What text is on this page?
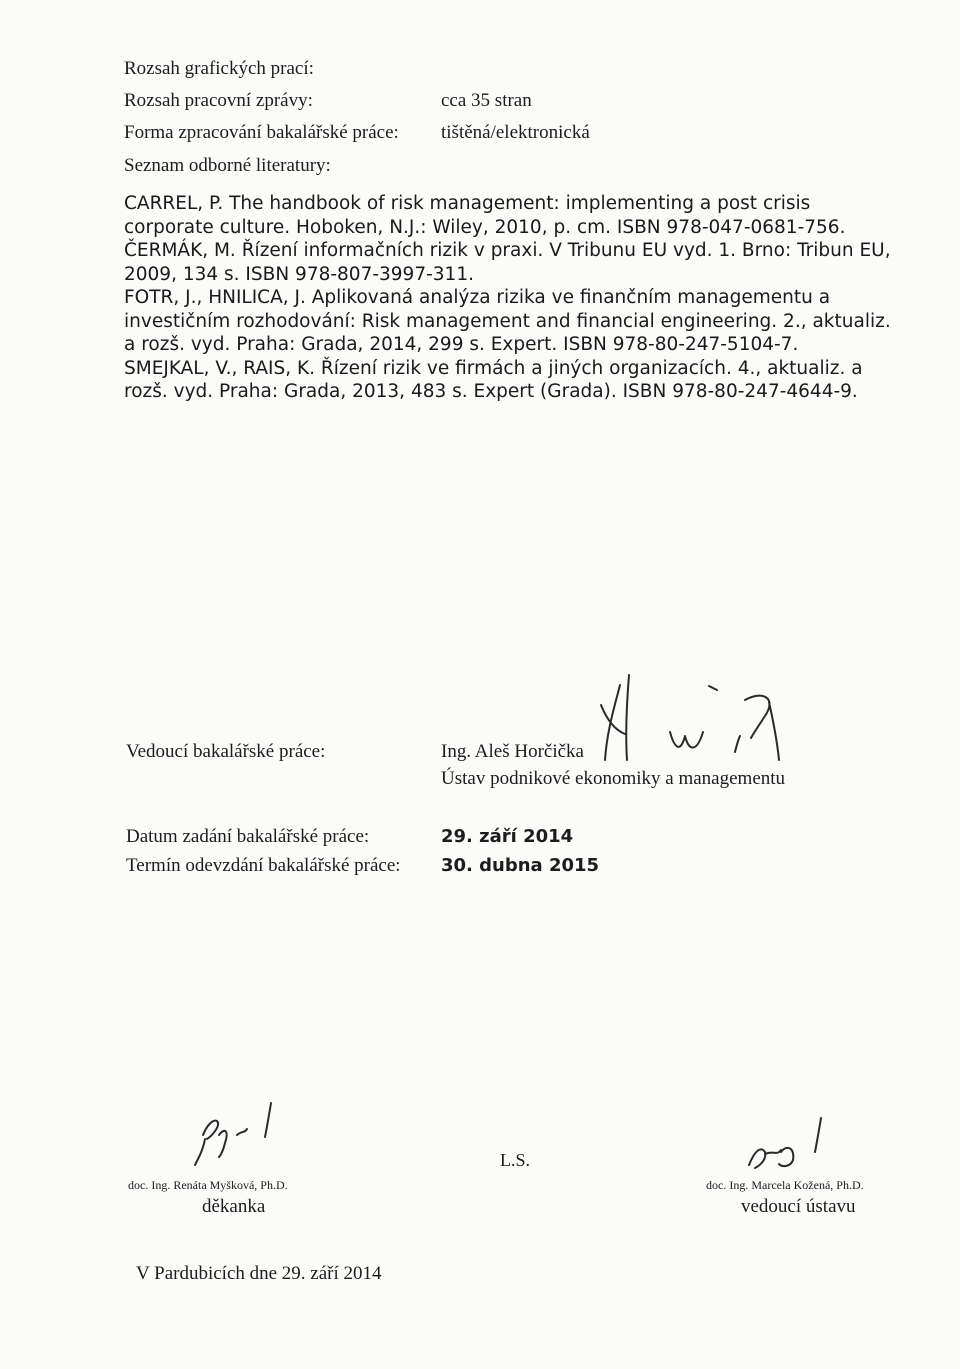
Rozsah grafických prací:
Rozsah pracovní zprávy:	cca 35 stran
Forma zpracování bakalářské práce: tištěná/elektronická
Seznam odborné literatury:
CARREL, P. The handbook of risk management: implementing a post crisis corporate culture. Hoboken, N.J.: Wiley, 2010, p. cm. ISBN 978-047-0681-756.
ČERMÁK, M. Řízení informačních rizik v praxi. V Tribunu EU vyd. 1. Brno: Tribun EU, 2009, 134 s. ISBN 978-807-3997-311.
FOTR, J., HNILICA, J. Aplikovaná analýza rizika ve finančním managementu a investičním rozhodování: Risk management and financial engineering. 2., aktualiz. a rozš. vyd. Praha: Grada, 2014, 299 s. Expert. ISBN 978-80-247-5104-7.
SMEJKAL, V., RAIS, K. Řízení rizik ve firmách a jiných organizacích. 4., aktualiz. a rozš. vyd. Praha: Grada, 2013, 483 s. Expert (Grada). ISBN 978-80-247-4644-9.
Vedoucí bakalářské práce:	Ing. Aleš Horčička
Ústav podnikové ekonomiky a managementu
Datum zadání bakalářské práce:	29. září 2014
Termín odevzdání bakalářské práce: 30. dubna 2015
doc. Ing. Renáta Myšková, Ph.D.
děkanka
L.S.
doc. Ing. Marcela Kožená, Ph.D.
vedoucí ústavu
V Pardubicích dne 29. září 2014
